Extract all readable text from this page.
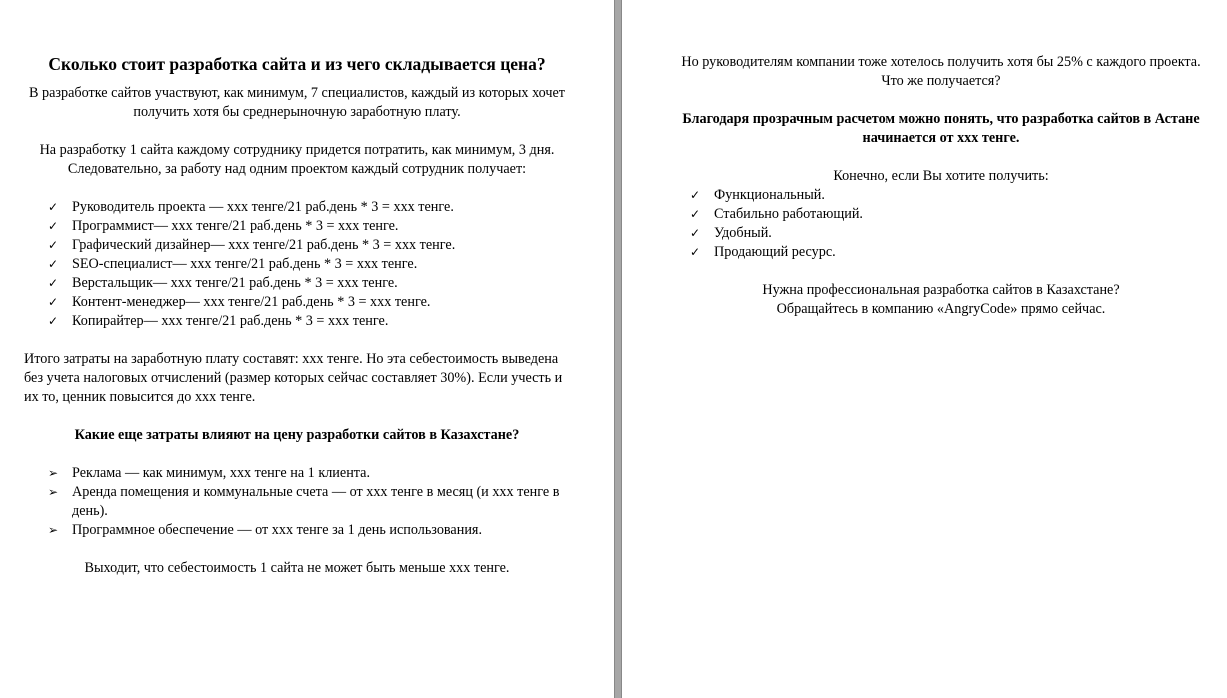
Сколько стоит разработка сайта и из чего складывается цена?

В разработке сайтов участвуют, как минимум, 7 специалистов, каждый из которых хочет получить хотя бы среднерыночную заработную плату.

На разработку 1 сайта каждому сотруднику придется потратить, как минимум, 3 дня.

Следовательно, за работу над одним проектом каждый сотрудник получает:

✓ Руководитель проекта — ххх тенге/21 раб.день * 3 = ххх тенге.
✓ Программист— ххх тенге/21 раб.день * 3 = ххх тенге.
✓ Графический дизайнер— ххх тенге/21 раб.день * 3 = ххх тенге.
✓ SEO-специалист— ххх тенге/21 раб.день * 3 = ххх тенге.
✓ Верстальщик— ххх тенге/21 раб.день * 3 = ххх тенге.
✓ Контент-менеджер— ххх тенге/21 раб.день * 3 = ххх тенге.
✓ Копирайтер— ххх тенге/21 раб.день * 3 = ххх тенге.

Итого затраты на заработную плату составят: ххх тенге. Но эта себестоимость выведена без учета налоговых отчислений (размер которых сейчас составляет 30%). Если учесть и их то, ценник повысится до ххх тенге.

Какие еще затраты влияют на цену разработки сайтов в Казахстане?

➢ Реклама — как минимум, ххх тенге на 1 клиента.
➢ Аренда помещения и коммунальные счета — от ххх тенге в месяц (и ххх тенге в день).
➢ Программное обеспечение — от ххх тенге за 1 день использования.

Выходит, что себестоимость 1 сайта не может быть меньше ххх тенге.

Но руководителям компании тоже хотелось получить хотя бы 25% с каждого проекта.

Что же получается?

Благодаря прозрачным расчетом можно понять, что разработка сайтов в Астане начинается от ххх тенге.

Конечно, если Вы хотите получить:

✓ Функциональный.
✓ Стабильно работающий.
✓ Удобный.
✓ Продающий ресурс.

Нужна профессиональная разработка сайтов в Казахстане?

Обращайтесь в компанию «AngryCode» прямо сейчас.
